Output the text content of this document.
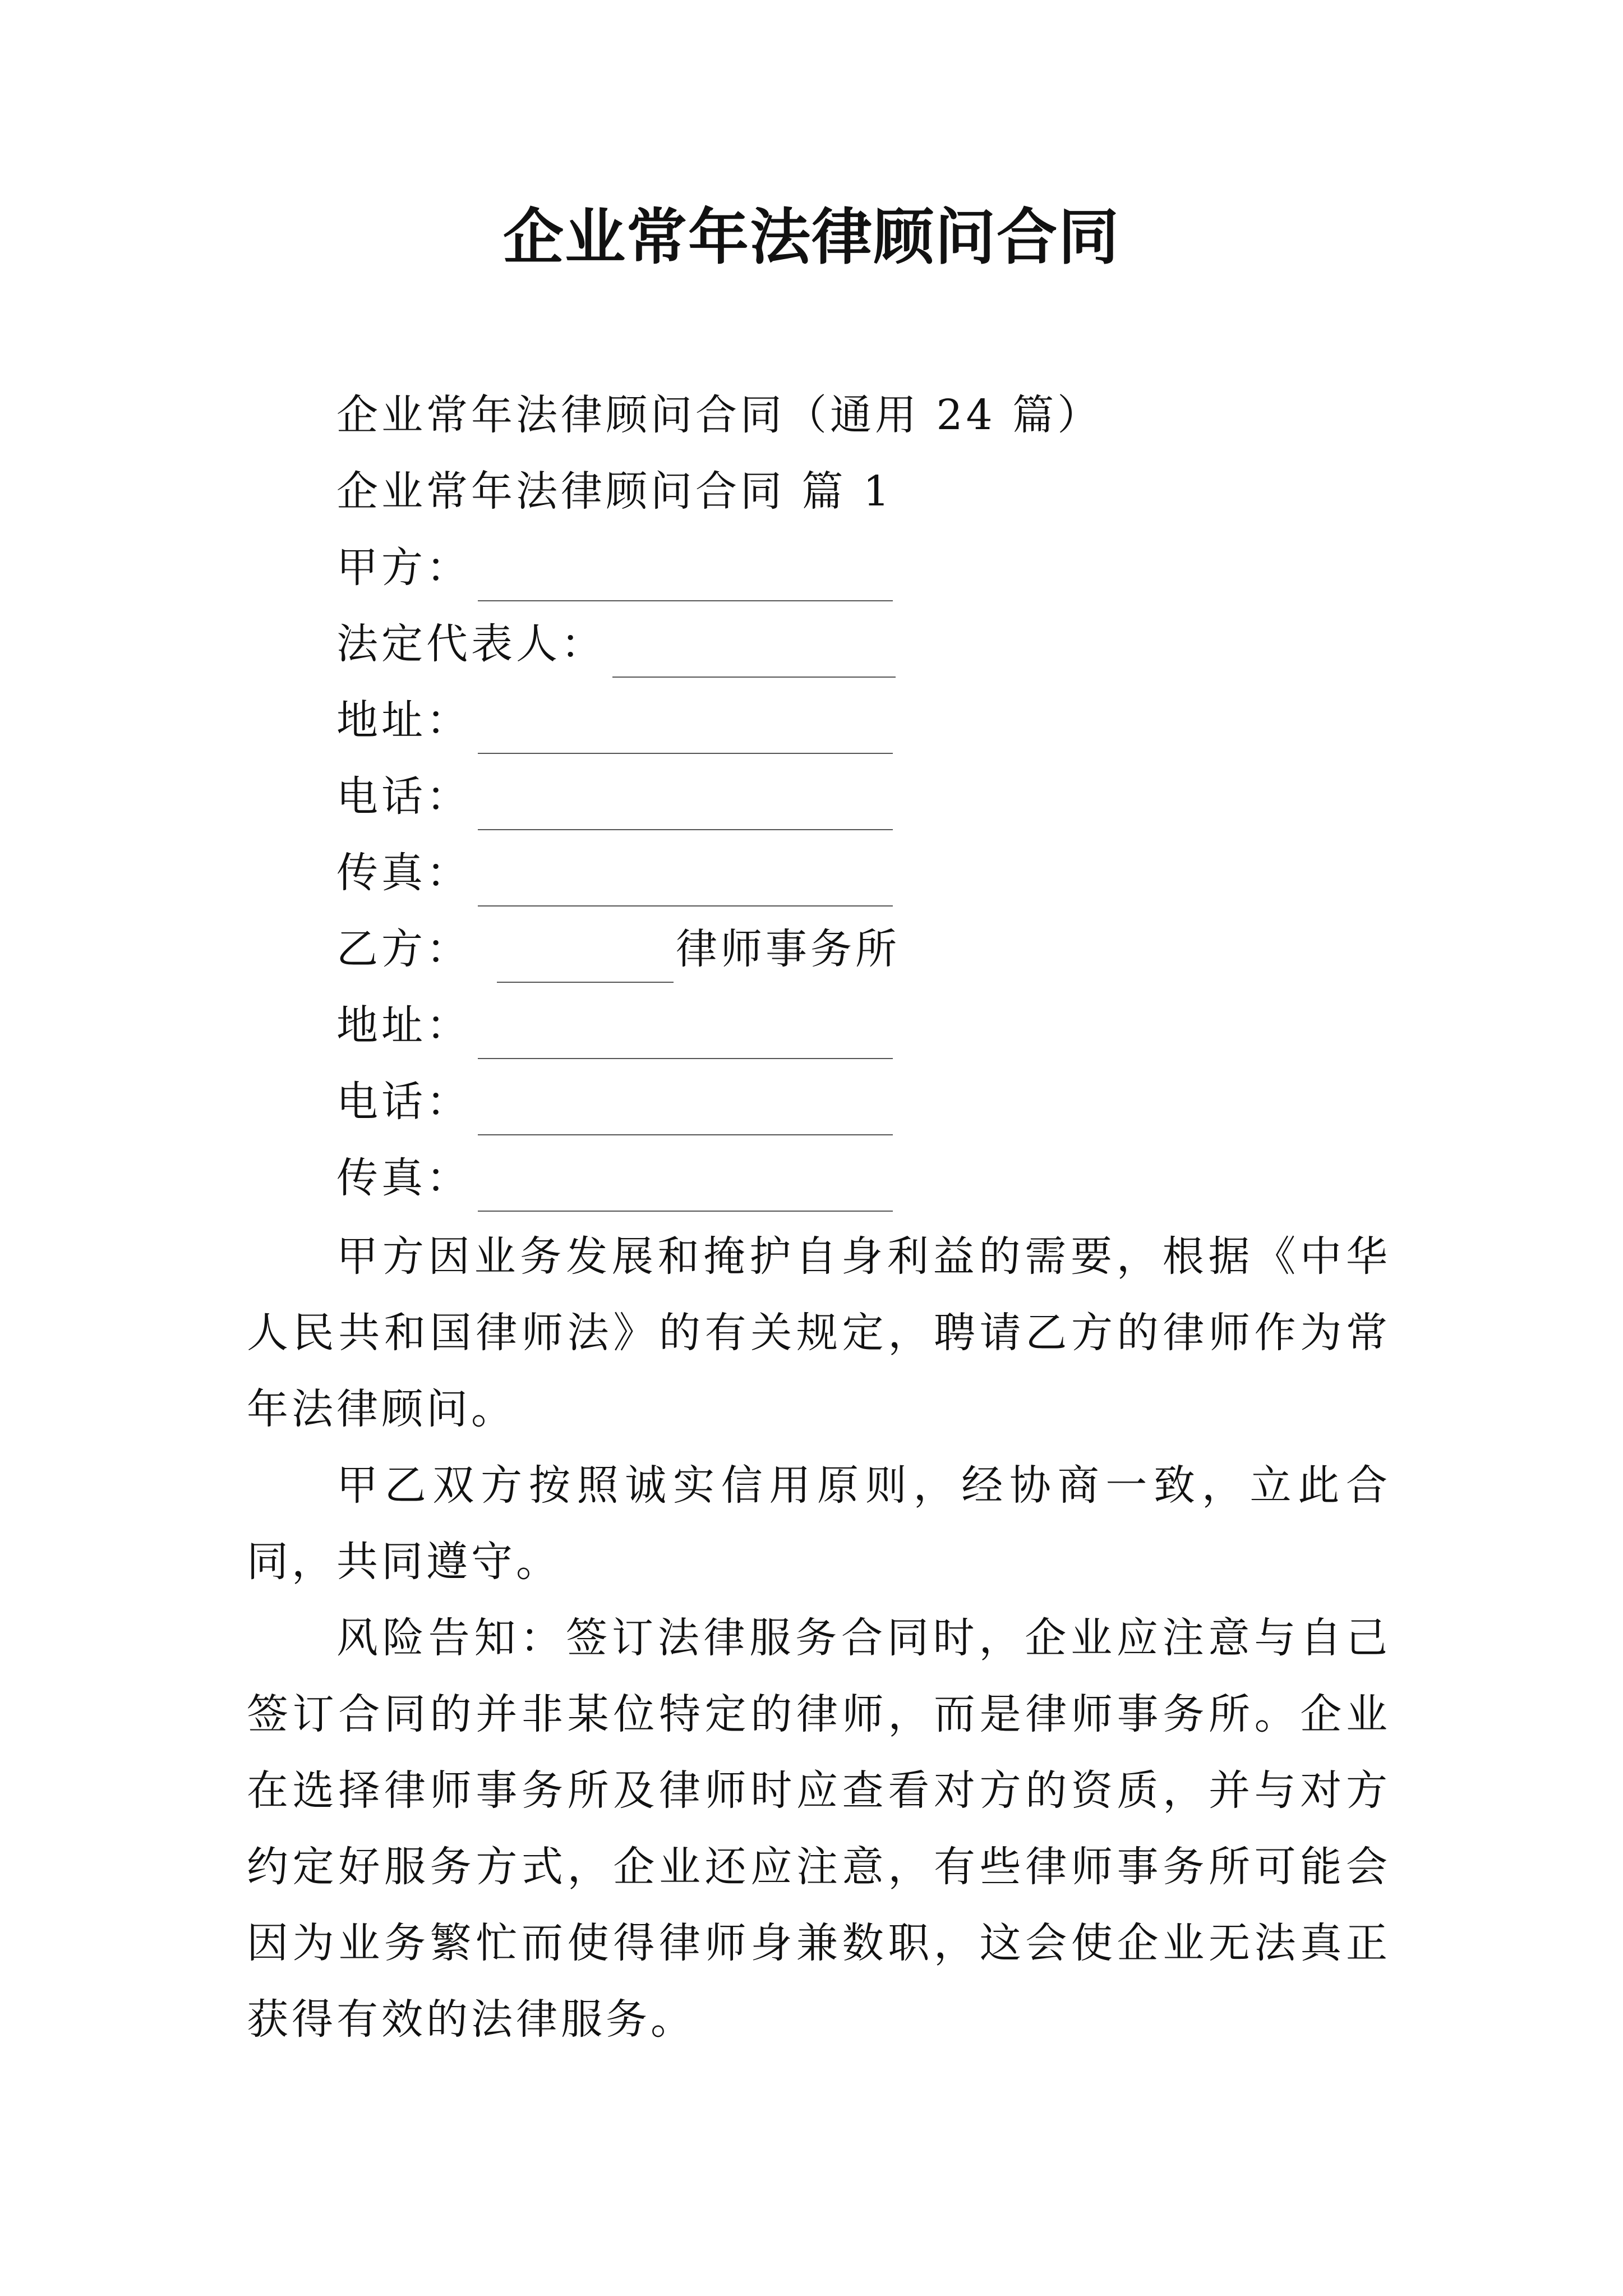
企业常年法律顾问合同
企业常年法律顾问合同（通用 24 篇）
企业常年法律顾问合同 篇 1
甲方：
法定代表人：
地址：
电话：
传真：
乙方：	律师事务所
地址：
电话：
传真：

甲方因业务发展和掩护自身利益的需要，根据《中华人民共和国律师法》的有关规定，聘请乙方的律师作为常年法律顾问。

甲乙双方按照诚实信用原则，经协商一致，立此合同，共同遵守。

风险告知：签订法律服务合同时，企业应注意与自己签订合同的并非某位特定的律师，而是律师事务所。企业在选择律师事务所及律师时应查看对方的资质，并与对方约定好服务方式，企业还应注意，有些律师事务所可能会因为业务繁忙而使得律师身兼数职，这会使企业无法真正获得有效的法律服务。
